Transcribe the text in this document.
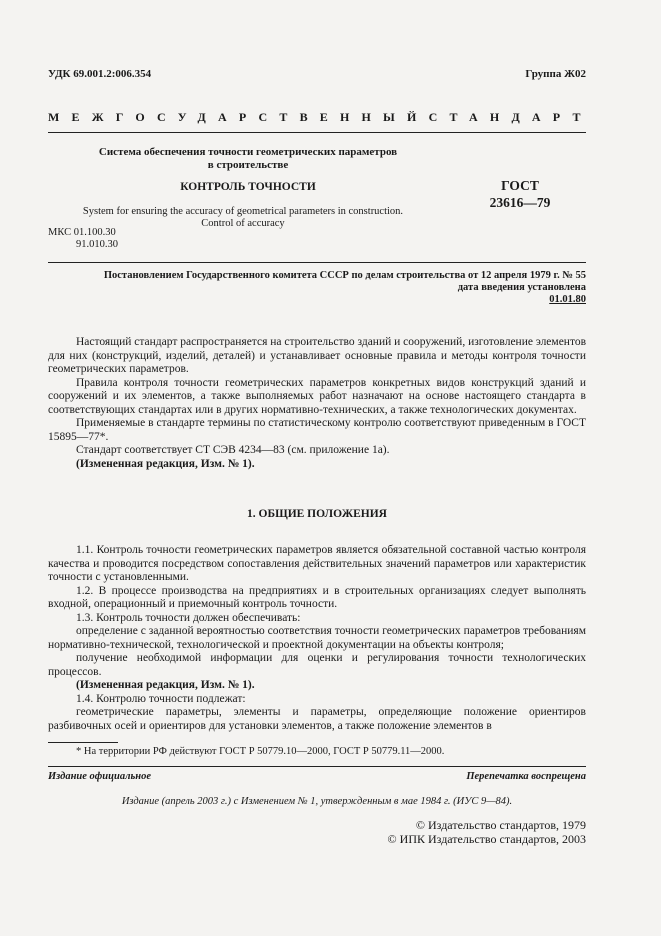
УДК 69.001.2:006.354	Группа Ж02
МЕЖГОСУДАРСТВЕННЫЙ СТАНДАРТ
Система обеспечения точности геометрических параметров
в строительстве
КОНТРОЛЬ ТОЧНОСТИ	ГОСТ
23616—79
System for ensuring the accuracy of geometrical parameters in construction.
Control of accuracy
МКС 01.100.30
91.010.30
Постановлением Государственного комитета СССР по делам строительства от 12 апреля 1979 г. № 55
дата введения установлена
01.01.80

Настоящий стандарт распространяется на строительство зданий и сооружений, изготовление элементов для них (конструкций, изделий, деталей) и устанавливает основные правила и методы контроля точности геометрических параметров.

Правила контроля точности геометрических параметров конкретных видов конструкций зданий и сооружений и их элементов, а также выполняемых работ назначают на основе настоящего стандарта в соответствующих стандартах или в других нормативно-технических, а также технологических документах.

Применяемые в стандарте термины по статистическому контролю соответствуют приведенным в ГОСТ 15895—77*.

Стандарт соответствует СТ СЭВ 4234—83 (см. приложение 1а).

(Измененная редакция, Изм. № 1).

1. ОБЩИЕ ПОЛОЖЕНИЯ

1.1. Контроль точности геометрических параметров является обязательной составной частью контроля качества и проводится посредством сопоставления действительных значений параметров или характеристик точности с установленными.

1.2. В процессе производства на предприятиях и в строительных организациях следует выполнять входной, операционный и приемочный контроль точности.

1.3. Контроль точности должен обеспечивать:

определение с заданной вероятностью соответствия точности геометрических параметров требованиям нормативно-технической, технологической и проектной документации на объекты контроля;

получение необходимой информации для оценки и регулирования точности технологических процессов.

(Измененная редакция, Изм. № 1).

1.4. Контролю точности подлежат:

геометрические параметры, элементы и параметры, определяющие положение ориентиров разбивочных осей и ориентиров для установки элементов, а также положение элементов в

* На территории РФ действуют ГОСТ Р 50779.10—2000, ГОСТ Р 50779.11—2000.
Издание официальное	Перепечатка воспрещена
Издание (апрель 2003 г.) с Изменением № 1, утвержденным в мае 1984 г. (ИУС 9—84).
© Издательство стандартов, 1979
© ИПК Издательство стандартов, 2003
